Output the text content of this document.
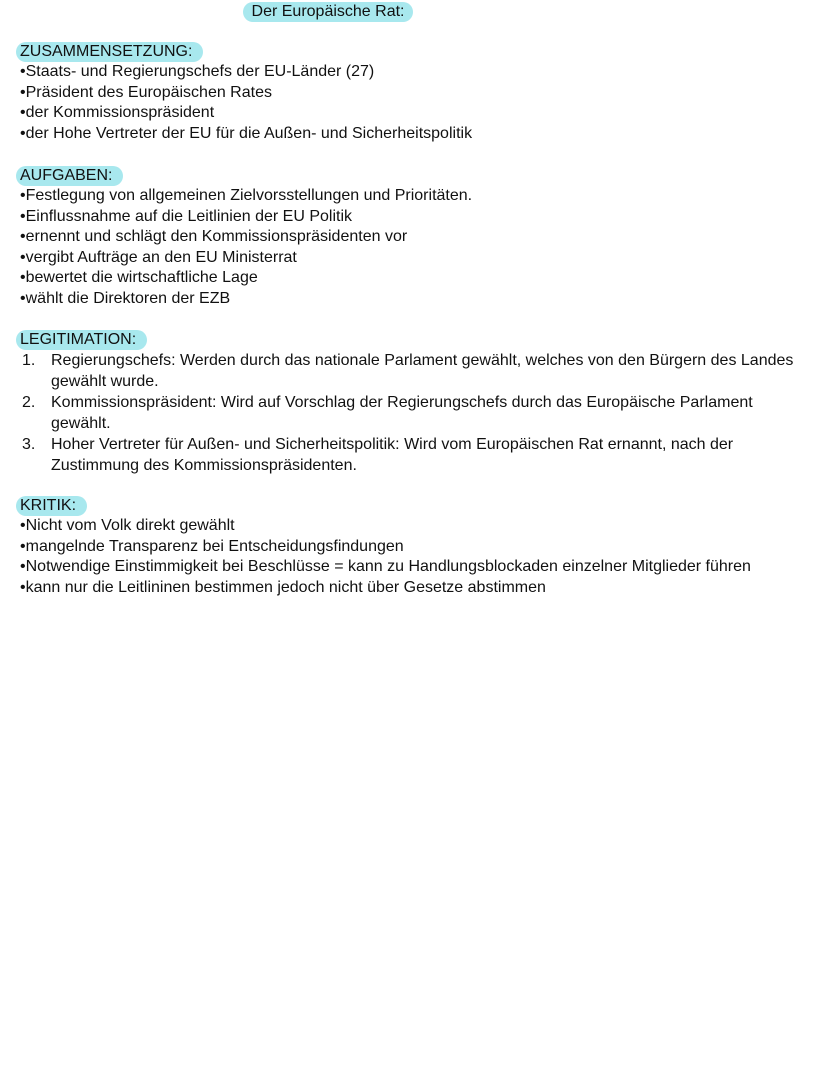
Der Europäische Rat:
ZUSAMMENSETZUNG:
• Staats- und Regierungschefs der EU-Länder (27)
• Präsident des Europäischen Rates
• der Kommissionspräsident
• der Hohe Vertreter der EU für die Außen- und Sicherheitspolitik
AUFGABEN:
• Festlegung von allgemeinen Zielvorsstellungen und Prioritäten.
• Einflussnahme auf die Leitlinien der EU Politik
• ernennt und schlägt den Kommissionspräsidenten vor
• vergibt Aufträge an den EU Ministerrat
• bewertet die wirtschaftliche Lage
• wählt die Direktoren der EZB
LEGITIMATION:
1. Regierungschefs: Werden durch das nationale Parlament gewählt, welches von den Bürgern des Landes gewählt wurde.
2. Kommissionspräsident: Wird auf Vorschlag der Regierungschefs durch das Europäische Parlament gewählt.
3. Hoher Vertreter für Außen- und Sicherheitspolitik: Wird vom Europäischen Rat ernannt, nach der Zustimmung des Kommissionspräsidenten.
KRITIK:
• Nicht vom Volk direkt gewählt
• mangelnde Transparenz bei Entscheidungsfindungen
• Notwendige Einstimmigkeit bei Beschlüsse = kann zu Handlungsblockaden einzelner Mitglieder führen
• kann nur die Leitlininen bestimmen jedoch nicht über Gesetze abstimmen
